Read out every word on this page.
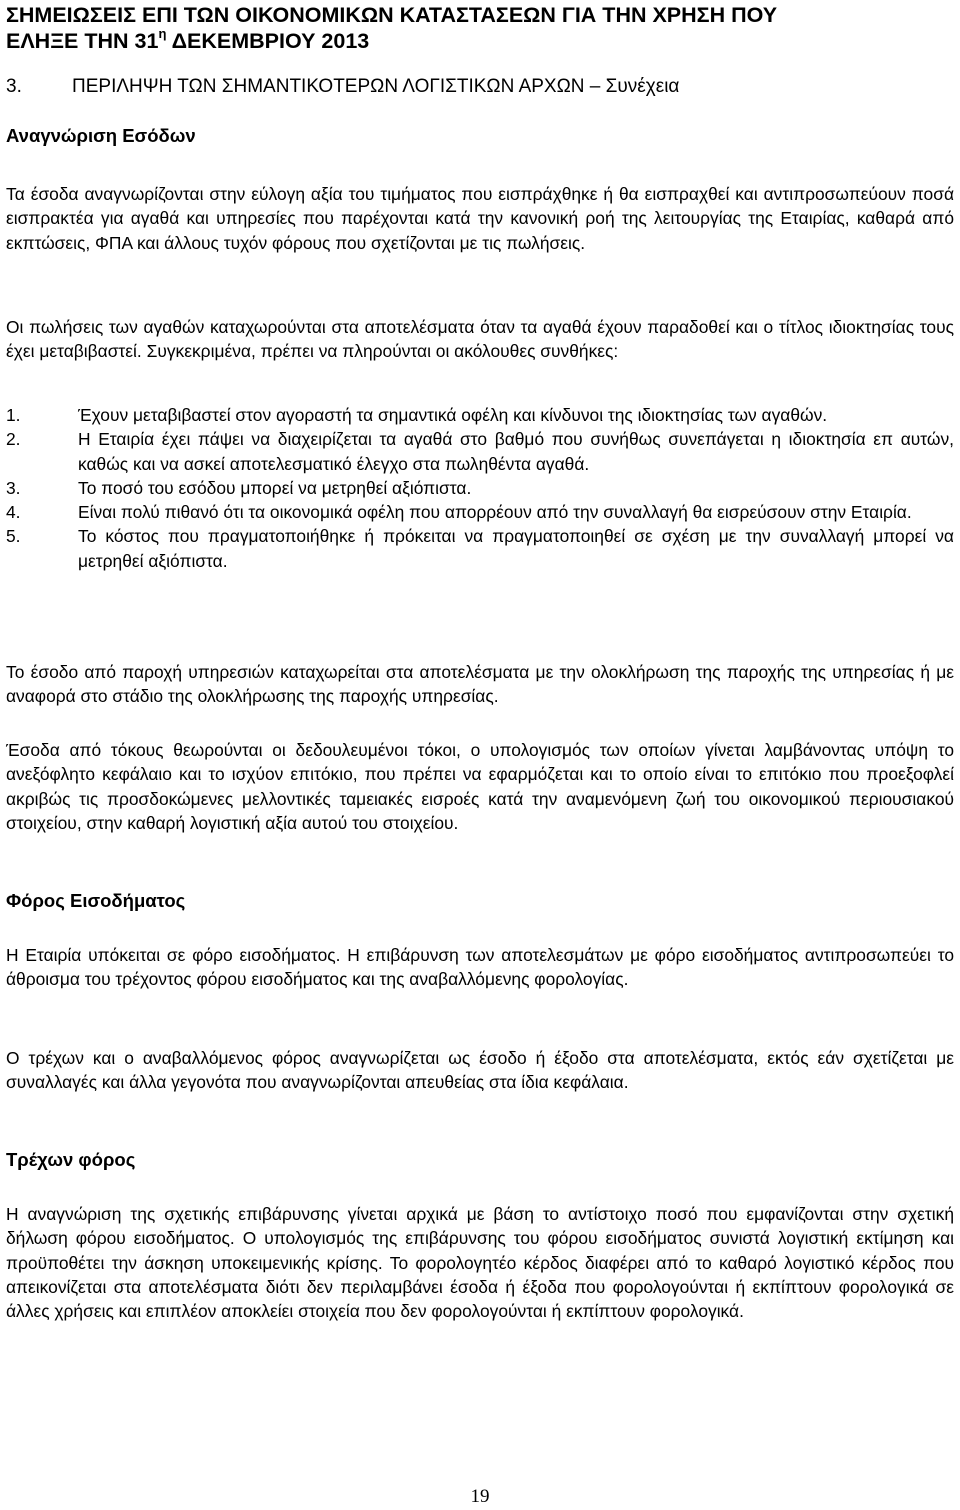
ΣΗΜΕΙΩΣΕΙΣ ΕΠΙ ΤΩΝ ΟΙΚΟΝΟΜΙΚΩΝ ΚΑΤΑΣΤΑΣΕΩΝ ΓΙΑ ΤΗΝ ΧΡΗΣΗ ΠΟΥ
ΕΛΗΞΕ ΤΗΝ $31^\eta$ ΔΕΚΕΜΒΡΙΟΥ 2013
3.	ΠΕΡΙΛΗΨΗ ΤΩΝ ΣΗΜΑΝΤΙΚΟΤΕΡΩΝ ΛΟΓΙΣΤΙΚΩΝ ΑΡΧΩΝ – Συνέχεια
Αναγνώριση Εσόδων

Τα έσοδα αναγνωρίζονται στην εύλογη αξία του τιμήματος που εισπράχθηκε ή θα εισπραχθεί και αντιπροσωπεύουν ποσά εισπρακτέα για αγαθά και υπηρεσίες που παρέχονται κατά την κανονική ροή της λειτουργίας της Εταιρίας, καθαρά από εκπτώσεις, ΦΠΑ και άλλους τυχόν φόρους που σχετίζονται με τις πωλήσεις.

Οι πωλήσεις των αγαθών καταχωρούνται στα αποτελέσματα όταν τα αγαθά έχουν παραδοθεί και ο τίτλος ιδιοκτησίας τους έχει μεταβιβαστεί. Συγκεκριμένα, πρέπει να πληρούνται οι ακόλουθες συνθήκες:

1.	Έχουν μεταβιβαστεί στον αγοραστή τα σημαντικά οφέλη και κίνδυνοι της ιδιοκτησίας των αγαθών.
2.	Η Εταιρία έχει πάψει να διαχειρίζεται τα αγαθά στο βαθμό που συνήθως συνεπάγεται η ιδιοκτησία επ αυτών, καθώς και να ασκεί αποτελεσματικό έλεγχο στα πωληθέντα αγαθά.
3.	Το ποσό του εσόδου μπορεί να μετρηθεί αξιόπιστα.
4.	Είναι πολύ πιθανό ότι τα οικονομικά οφέλη που απορρέουν από την συναλλαγή θα εισρεύσουν στην Εταιρία.
5.	Το κόστος που πραγματοποιήθηκε ή πρόκειται να πραγματοποιηθεί σε σχέση με την συναλλαγή μπορεί να μετρηθεί αξιόπιστα.

Το έσοδο από παροχή υπηρεσιών καταχωρείται στα αποτελέσματα με την ολοκλήρωση της παροχής της υπηρεσίας ή με αναφορά στο στάδιο της ολοκλήρωσης της παροχής υπηρεσίας.

Έσοδα από τόκους θεωρούνται οι δεδουλευμένοι τόκοι, ο υπολογισμός των οποίων γίνεται λαμβάνοντας υπόψη το ανεξόφλητο κεφάλαιο και το ισχύον επιτόκιο, που πρέπει να εφαρμόζεται και το οποίο είναι το επιτόκιο που προεξοφλεί ακριβώς τις προσδοκώμενες μελλοντικές ταμειακές εισροές κατά την αναμενόμενη ζωή του οικονομικού περιουσιακού στοιχείου, στην καθαρή λογιστική αξία αυτού του στοιχείου.

Φόρος Εισοδήματος

Η Εταιρία υπόκειται σε φόρο εισοδήματος. Η επιβάρυνση των αποτελεσμάτων με φόρο εισοδήματος αντιπροσωπεύει το άθροισμα του τρέχοντος φόρου εισοδήματος και της αναβαλλόμενης φορολογίας.

Ο τρέχων και ο αναβαλλόμενος φόρος αναγνωρίζεται ως έσοδο ή έξοδο στα αποτελέσματα, εκτός εάν σχετίζεται με συναλλαγές και άλλα γεγονότα που αναγνωρίζονται απευθείας στα ίδια κεφάλαια.

Τρέχων φόρος

Η αναγνώριση της σχετικής επιβάρυνσης γίνεται αρχικά με βάση το αντίστοιχο ποσό που εμφανίζονται στην σχετική δήλωση φόρου εισοδήματος. Ο υπολογισμός της επιβάρυνσης του φόρου εισοδήματος συνιστά λογιστική εκτίμηση και προϋποθέτει την άσκηση υποκειμενικής κρίσης. Το φορολογητέο κέρδος διαφέρει από το καθαρό λογιστικό κέρδος που απεικονίζεται στα αποτελέσματα διότι δεν περιλαμβάνει έσοδα ή έξοδα που φορολογούνται ή εκπίπτουν φορολογικά σε άλλες χρήσεις και επιπλέον αποκλείει στοιχεία που δεν φορολογούνται ή εκπίπτουν φορολογικά.

19
